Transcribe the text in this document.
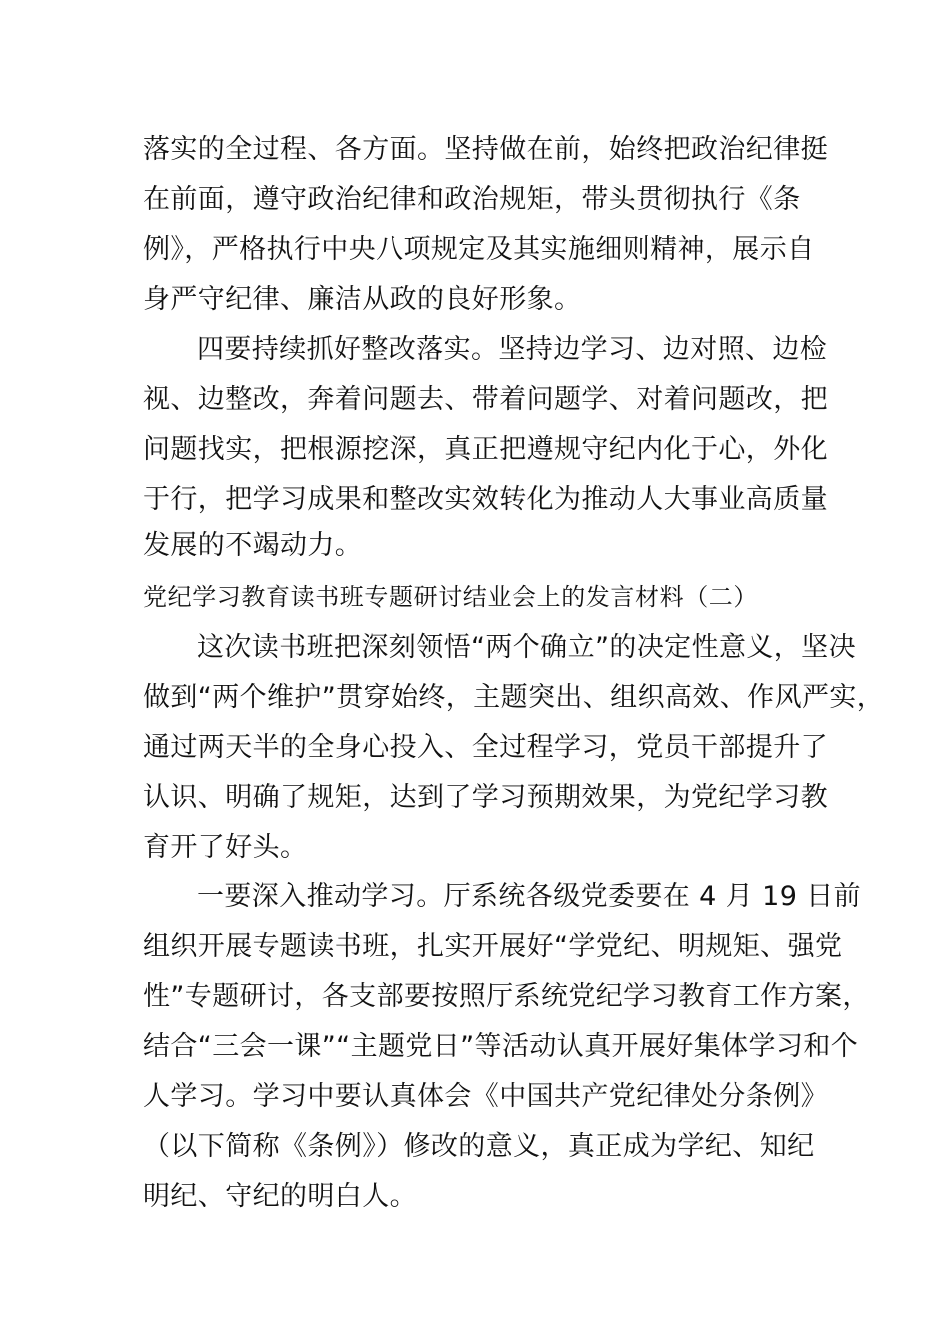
落实的全过程、各方面。坚持做在前，始终把政治纪律挺
在前面，遵守政治纪律和政治规矩，带头贯彻执行《条
例》，严格执行中央八项规定及其实施细则精神，展示自
身严守纪律、廉洁从政的良好形象。
四要持续抓好整改落实。坚持边学习、边对照、边检
视、边整改，奔着问题去、带着问题学、对着问题改，把
问题找实，把根源挖深，真正把遵规守纪内化于心，外化
于行，把学习成果和整改实效转化为推动人大事业高质量
发展的不竭动力。
党纪学习教育读书班专题研讨结业会上的发言材料（二）
这次读书班把深刻领悟“两个确立”的决定性意义，坚决
做到“两个维护”贯穿始终，主题突出、组织高效、作风严实，
通过两天半的全身心投入、全过程学习，党员干部提升了
认识、明确了规矩，达到了学习预期效果，为党纪学习教
育开了好头。
一要深入推动学习。厅系统各级党委要在 4 月 19 日前
组织开展专题读书班，扎实开展好“学党纪、明规矩、强党
性”专题研讨，各支部要按照厅系统党纪学习教育工作方案，
结合“三会一课”“主题党日”等活动认真开展好集体学习和个
人学习。学习中要认真体会《中国共产党纪律处分条例》
（以下简称《条例》）修改的意义，真正成为学纪、知纪
明纪、守纪的明白人。
